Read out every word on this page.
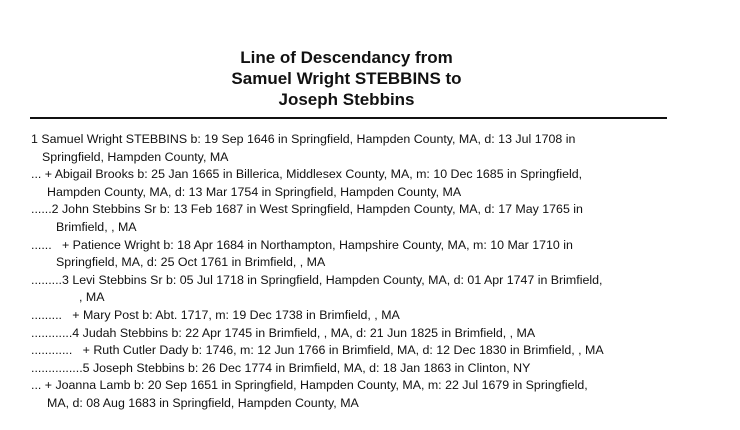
Line of Descendancy from
Samuel Wright STEBBINS to
Joseph Stebbins
1 Samuel Wright STEBBINS b: 19 Sep 1646 in Springfield, Hampden County, MA, d: 13 Jul 1708 in
Springfield, Hampden County, MA
... + Abigail Brooks b: 25 Jan 1665 in Billerica, Middlesex County, MA, m: 10 Dec 1685 in Springfield,
Hampden County, MA, d: 13 Mar 1754 in Springfield, Hampden County, MA
......2 John Stebbins Sr b: 13 Feb 1687 in West Springfield, Hampden County, MA, d: 17 May 1765 in
Brimfield, , MA
......   + Patience Wright b: 18 Apr 1684 in Northampton, Hampshire County, MA, m: 10 Mar 1710 in
Springfield, MA, d: 25 Oct 1761 in Brimfield, , MA
.........3 Levi Stebbins Sr b: 05 Jul 1718 in Springfield, Hampden County, MA, d: 01 Apr 1747 in Brimfield,
, MA
.........   + Mary Post b: Abt. 1717, m: 19 Dec 1738 in Brimfield, , MA
............4 Judah Stebbins b: 22 Apr 1745 in Brimfield, , MA, d: 21 Jun 1825 in Brimfield, , MA
............   + Ruth Cutler Dady b: 1746, m: 12 Jun 1766 in Brimfield, MA, d: 12 Dec 1830 in Brimfield, , MA
...............5 Joseph Stebbins b: 26 Dec 1774 in Brimfield, MA, d: 18 Jan 1863 in Clinton, NY
... + Joanna Lamb b: 20 Sep 1651 in Springfield, Hampden County, MA, m: 22 Jul 1679 in Springfield,
MA, d: 08 Aug 1683 in Springfield, Hampden County, MA
